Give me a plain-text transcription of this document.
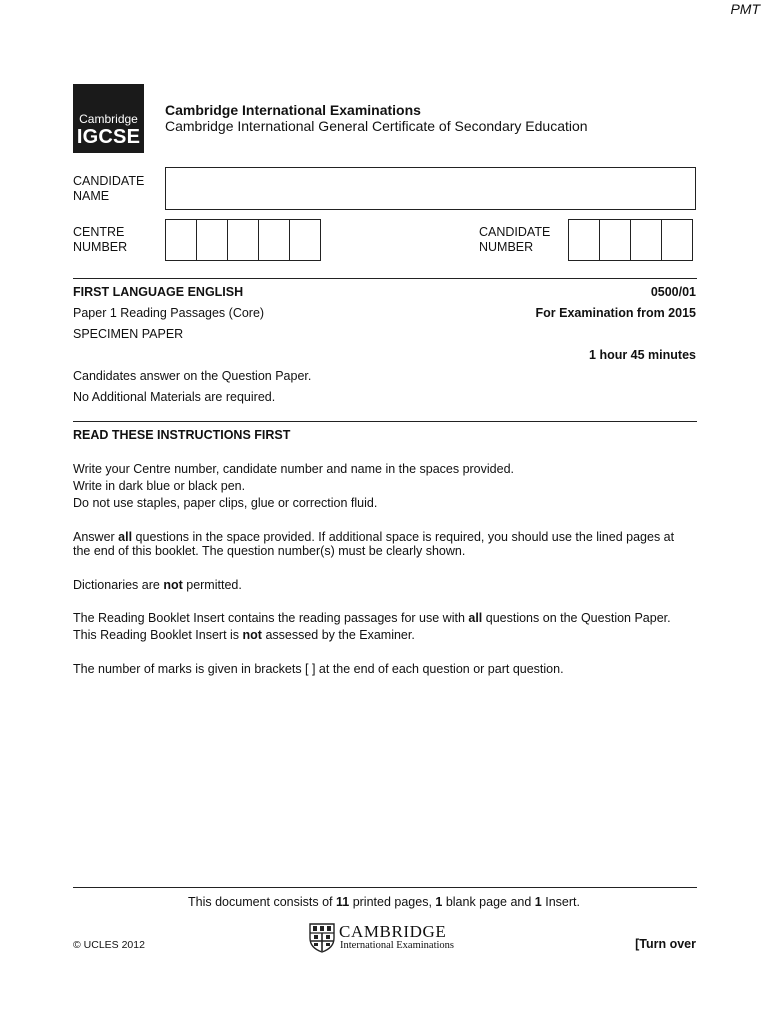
PMT
Cambridge
IGCSE
Cambridge International Examinations
Cambridge International General Certificate of Secondary Education
CANDIDATE
NAME
CENTRE
NUMBER
CANDIDATE
NUMBER
FIRST LANGUAGE ENGLISH	0500/01
Paper 1 Reading Passages (Core)	For Examination from 2015
SPECIMEN PAPER
1 hour 45 minutes
Candidates answer on the Question Paper.
No Additional Materials are required.
READ THESE INSTRUCTIONS FIRST
Write your Centre number, candidate number and name in the spaces provided.
Write in dark blue or black pen.
Do not use staples, paper clips, glue or correction fluid.
Answer all questions in the space provided. If additional space is required, you should use the lined pages at
the end of this booklet. The question number(s) must be clearly shown.
Dictionaries are not permitted.
The Reading Booklet Insert contains the reading passages for use with all questions on the Question Paper.
This Reading Booklet Insert is not assessed by the Examiner.
The number of marks is given in brackets [ ] at the end of each question or part question.
This document consists of 11 printed pages, 1 blank page and 1 Insert.
© UCLES 2012
CAMBRIDGE
International Examinations	[Turn over
